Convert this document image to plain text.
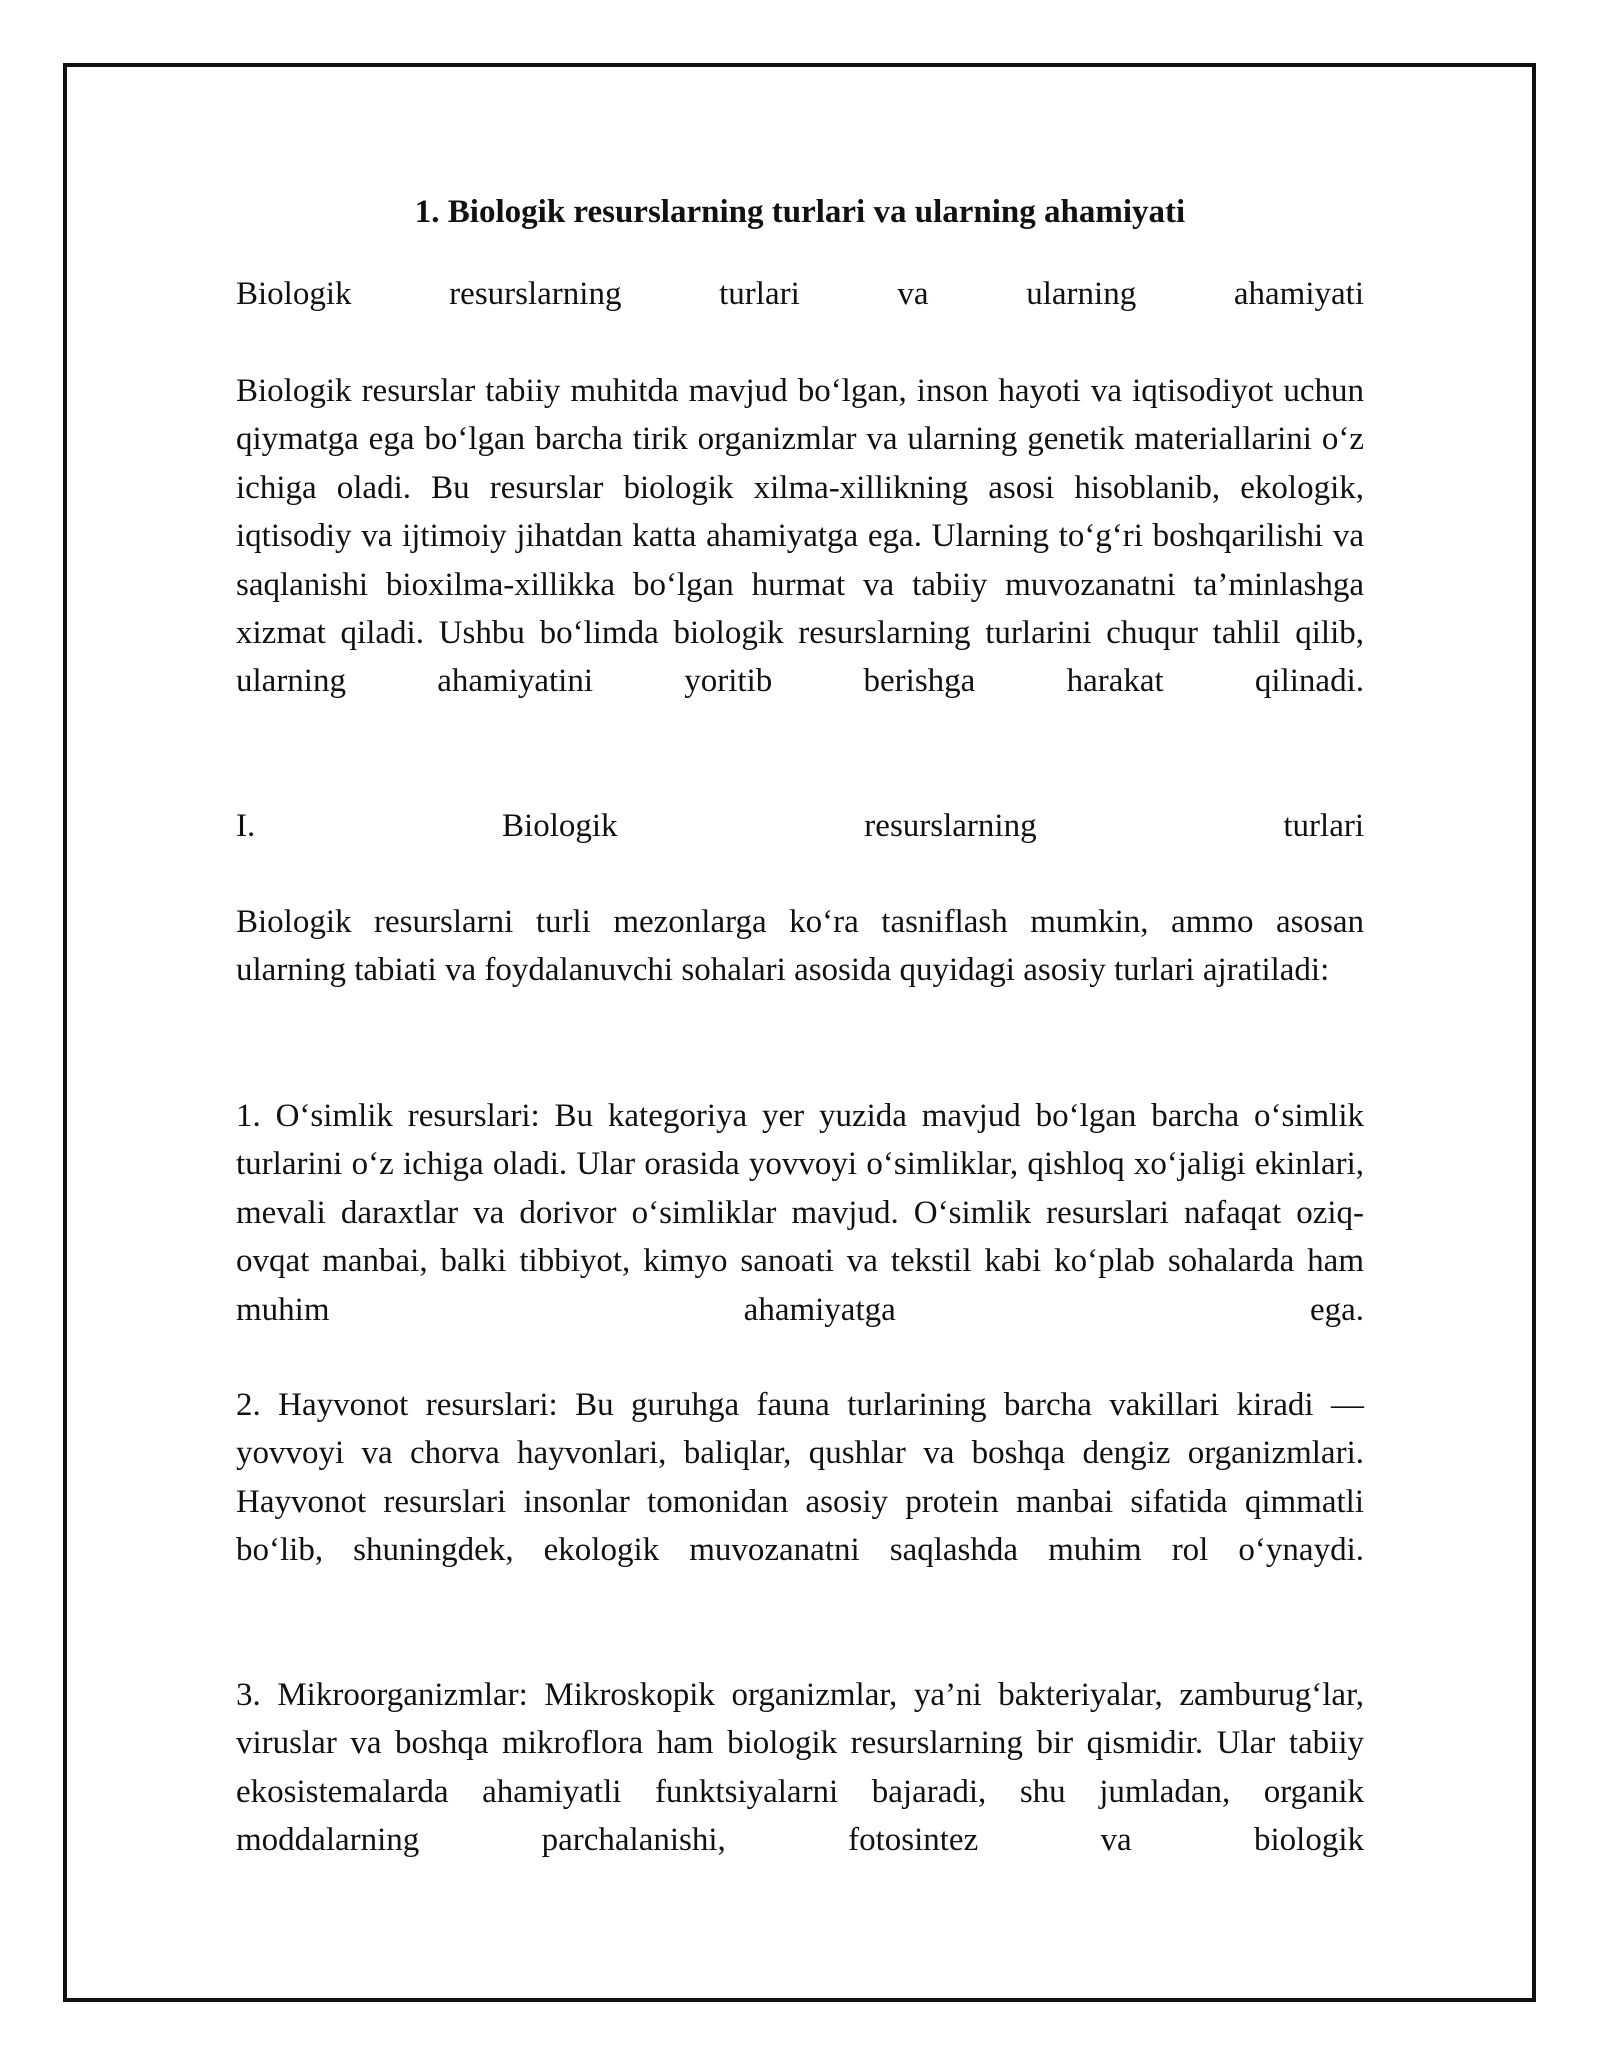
1. Biologik resurslarning turlari va ularning ahamiyati

Biologik resurslarning turlari va ularning ahamiyati

Biologik resurslar tabiiy muhitda mavjud bo‘lgan, inson hayoti va iqtisodiyot uchun qiymatga ega bo‘lgan barcha tirik organizmlar va ularning genetik materiallarini o‘z ichiga oladi. Bu resurslar biologik xilma-xillikning asosi hisoblanib, ekologik, iqtisodiy va ijtimoiy jihatdan katta ahamiyatga ega. Ularning to‘g‘ri boshqarilishi va saqlanishi bioxilma-xillikka bo‘lgan hurmat va tabiiy muvozanatni ta’minlashga xizmat qiladi. Ushbu bo‘limda biologik resurslarning turlarini chuqur tahlil qilib, ularning ahamiyatini yoritib berishga harakat qilinadi.

I. Biologik resurslarning turlari

Biologik resurslarni turli mezonlarga ko‘ra tasniflash mumkin, ammo asosan ularning tabiati va foydalanuvchi sohalari asosida quyidagi asosiy turlari ajratiladi:

1. O‘simlik resurslari: Bu kategoriya yer yuzida mavjud bo‘lgan barcha o‘simlik turlarini o‘z ichiga oladi. Ular orasida yovvoyi o‘simliklar, qishloq xo‘jaligi ekinlari, mevali daraxtlar va dorivor o‘simliklar mavjud. O‘simlik resurslari nafaqat oziq-ovqat manbai, balki tibbiyot, kimyo sanoati va tekstil kabi ko‘plab sohalarda ham muhim ahamiyatga ega.

2. Hayvonot resurslari: Bu guruhga fauna turlarining barcha vakillari kiradi — yovvoyi va chorva hayvonlari, baliqlar, qushlar va boshqa dengiz organizmlari. Hayvonot resurslari insonlar tomonidan asosiy protein manbai sifatida qimmatli bo‘lib, shuningdek, ekologik muvozanatni saqlashda muhim rol o‘ynaydi.

3. Mikroorganizmlar: Mikroskopik organizmlar, ya’ni bakteriyalar, zamburug‘lar, viruslar va boshqa mikroflora ham biologik resurslarning bir qismidir. Ular tabiiy ekosistemalarda ahamiyatli funktsiyalarni bajaradi, shu jumladan, organik moddalarning parchalanishi, fotosintez va biologik
